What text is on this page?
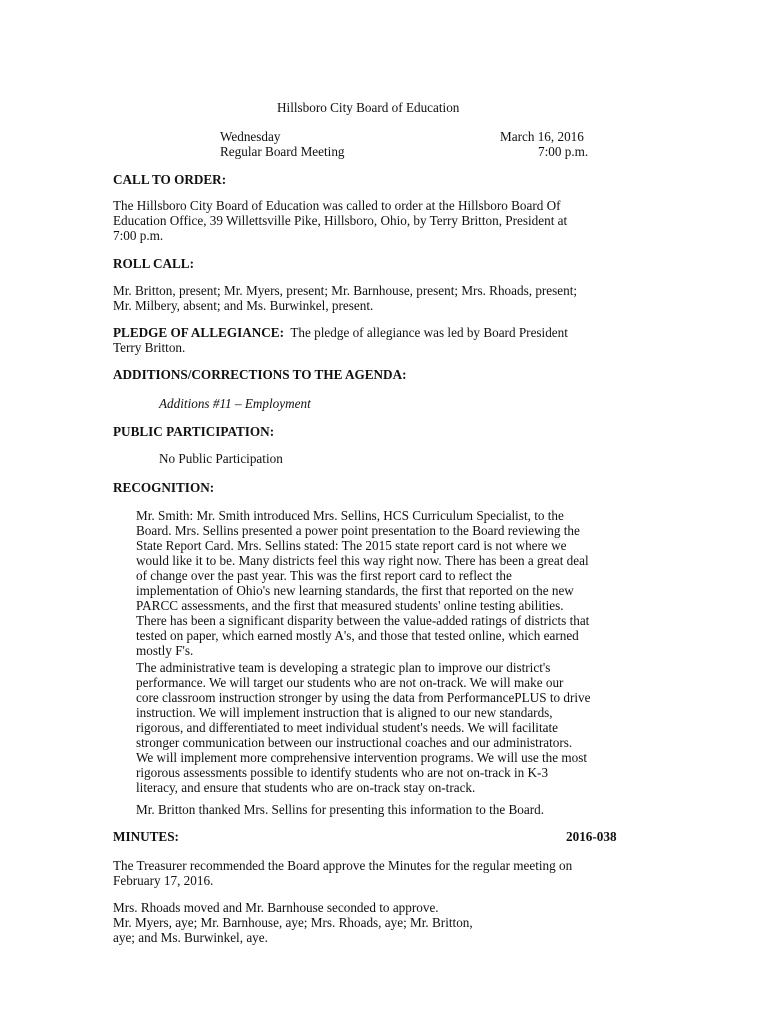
Hillsboro City Board of Education
Wednesday	March 16, 2016
Regular Board Meeting	7:00 p.m.
CALL TO ORDER:
The Hillsboro City Board of Education was called to order at the Hillsboro Board Of
Education Office, 39 Willettsville Pike, Hillsboro, Ohio, by Terry Britton, President at
7:00 p.m.
ROLL CALL:
Mr. Britton, present; Mr. Myers, present; Mr. Barnhouse, present; Mrs. Rhoads, present;
Mr. Milbery, absent; and Ms. Burwinkel, present.
PLEDGE OF ALLEGIANCE: The pledge of allegiance was led by Board President
Terry Britton.
ADDITIONS/CORRECTIONS TO THE AGENDA:
Additions #11 – Employment
PUBLIC PARTICIPATION:
No Public Participation
RECOGNITION:
Mr. Smith: Mr. Smith introduced Mrs. Sellins, HCS Curriculum Specialist, to the
Board. Mrs. Sellins presented a power point presentation to the Board reviewing the
State Report Card. Mrs. Sellins stated: The 2015 state report card is not where we
would like it to be. Many districts feel this way right now. There has been a great deal
of change over the past year. This was the first report card to reflect the
implementation of Ohio's new learning standards, the first that reported on the new
PARCC assessments, and the first that measured students' online testing abilities.
There has been a significant disparity between the value-added ratings of districts that
tested on paper, which earned mostly A's, and those that tested online, which earned
mostly F's.
The administrative team is developing a strategic plan to improve our district's
performance. We will target our students who are not on-track. We will make our
core classroom instruction stronger by using the data from PerformancePLUS to drive
instruction. We will implement instruction that is aligned to our new standards,
rigorous, and differentiated to meet individual student's needs. We will facilitate
stronger communication between our instructional coaches and our administrators.
We will implement more comprehensive intervention programs. We will use the most
rigorous assessments possible to identify students who are not on-track in K-3
literacy, and ensure that students who are on-track stay on-track.
Mr. Britton thanked Mrs. Sellins for presenting this information to the Board.
MINUTES:	2016-038
The Treasurer recommended the Board approve the Minutes for the regular meeting on
February 17, 2016.
Mrs. Rhoads moved and Mr. Barnhouse seconded to approve.
Mr. Myers, aye; Mr. Barnhouse, aye; Mrs. Rhoads, aye; Mr. Britton,
aye; and Ms. Burwinkel, aye.
